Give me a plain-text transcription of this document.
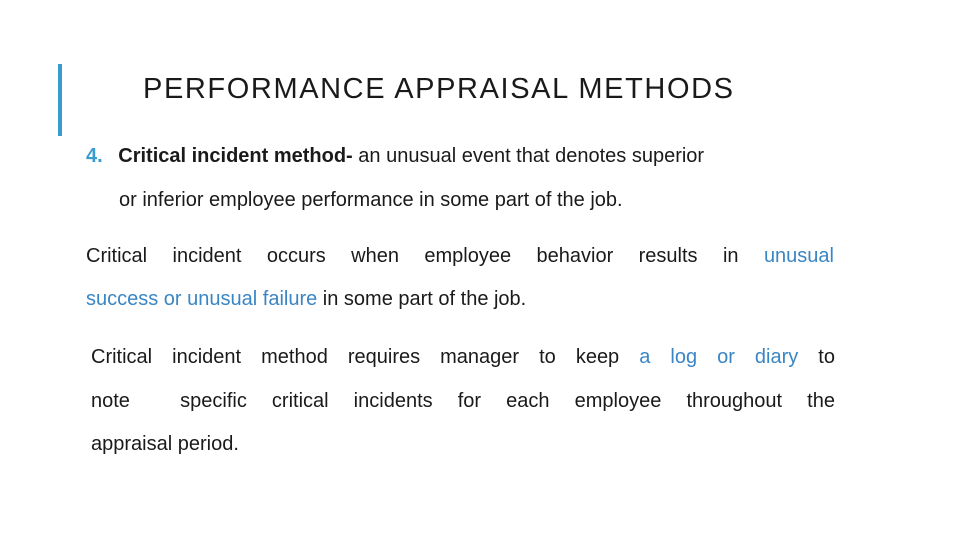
PERFORMANCE APPRAISAL METHODS
4. Critical incident method- an unusual event that denotes superior
or inferior employee performance in some part of the job.
Critical incident occurs when employee behavior results in unusual
success or unusual failure in some part of the job.
Critical incident method requires manager to keep a log or diary to
note  specific critical incidents for each employee throughout the
appraisal period.
